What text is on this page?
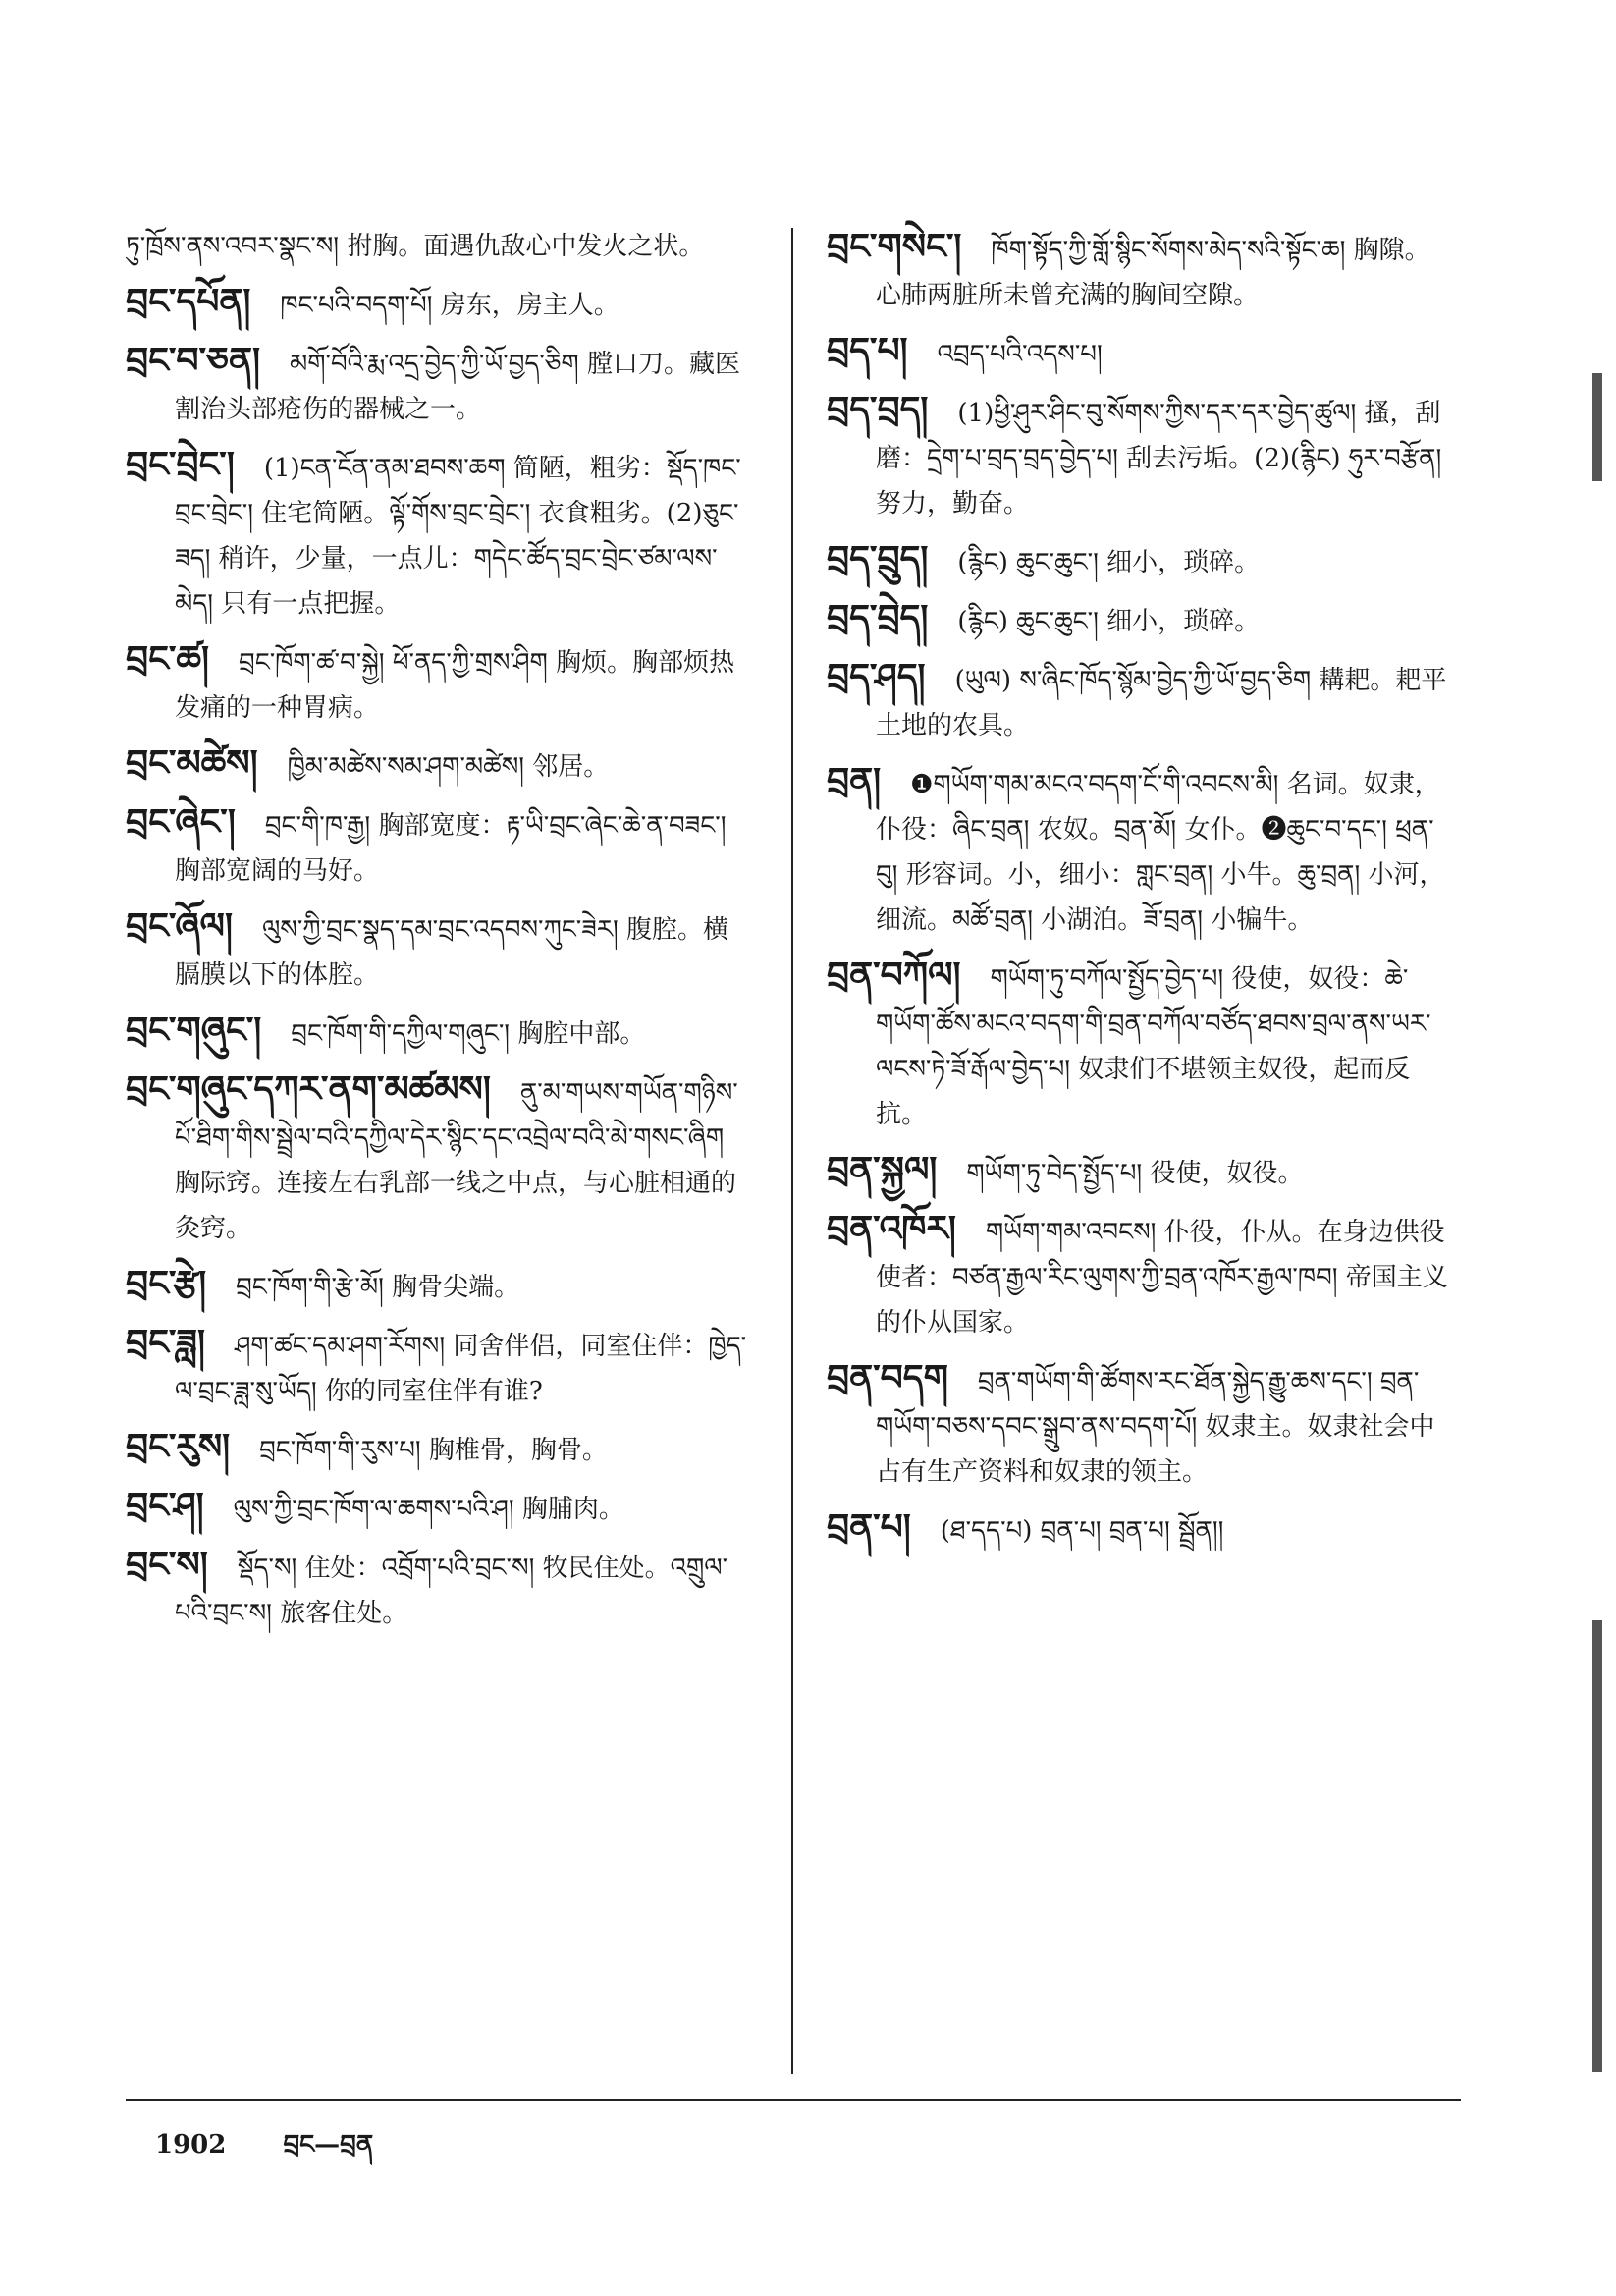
ཏུ་ཁྲོས་ནས་འབར་སྣང་ས། 拊胸。面遇仇敌心中发火之状。
བྲང་དཔོན། ཁང་པའི་བདག་པོ། 房东，房主人。
བྲང་བ་ཅན། མགོ་བོའི་རྨ་འདྲ་བྱེད་ཀྱི་ཡོ་བྱད་ཅིག 膛口刀。藏医割治头部疮伤的器械之一。
བྲང་བྲེང་། (1)ངན་ངོན་ནམ་ཐབས་ཆག 简陋，粗劣：སྡོད་ཁང་བྲང་བྲེང་། 住宅简陋。ལྟོ་གོས་བྲང་བྲེང་། 衣食粗劣。(2)ཅུང་ཟད། 稍许，少量，一点儿：གདེང་ཚོད་བྲང་བྲེང་ཙམ་ལས་མེད། 只有一点把握。
བྲང་ཚ། བྲང་ཁོག་ཚ་བ་སྐྱེ། ཕོ་ནད་ཀྱི་གྲས་ཤིག 胸烦。胸部烦热发痛的一种胃病。
བྲང་མཚེས། ཁྱིམ་མཚེས་སམ་ཤག་མཚེས། 邻居。
བྲང་ཞེང་། བྲང་གི་ཁ་རྒྱ། 胸部宽度：རྟ་ཡི་བྲང་ཞེང་ཆེ་ན་བཟང་། 胸部宽阔的马好。
བྲང་ཞོལ། ལུས་ཀྱི་བྲང་སྣད་དམ་བྲང་འདབས་ཀུང་ཟེར། 腹腔。横膈膜以下的体腔。
བྲང་གཞུང་། བྲང་ཁོག་གི་དཀྱིལ་གཞུང་། 胸腔中部。
བྲང་གཞུང་དཀར་ནག་མཚམས། ནུ་མ་གཡས་གཡོན་གཉིས་པོ་ཐིག་གིས་སྦྲེལ་བའི་དཀྱིལ་དེར་སྙིང་དང་འབྲེལ་བའི་མེ་གསང་ཞིག 胸际窍。连接左右乳部一线之中点，与心脏相通的灸窍。
བྲང་རྩེ། བྲང་ཁོག་གི་རྩེ་མོ། 胸骨尖端。
བྲང་ཟླ། ཤག་ཚང་དམ་ཤག་རོགས། 同舍伴侣，同室住伴：ཁྱེད་ལ་བྲང་ཟླ་སུ་ཡོད། 你的同室住伴有谁?
བྲང་རུས། བྲང་ཁོག་གི་རུས་པ། 胸椎骨，胸骨。
བྲང་ཤ། ལུས་ཀྱི་བྲང་ཁོག་ལ་ཆགས་པའི་ཤ། 胸脯肉。
བྲང་ས། སྡོད་ས། 住处：འབྲོག་པའི་བྲང་ས། 牧民住处。འགྲུལ་པའི་བྲང་ས། 旅客住处。
བྲང་གསེང་། ཁོག་སྟོད་ཀྱི་གློ་སྙིང་སོགས་མེད་སའི་སྟོང་ཆ། 胸隙。心肺两脏所未曾充满的胸间空隙。
བྲད་པ། འབྲད་པའི་འདས་པ།
བྲད་བྲད། (1)ཕྱི་ཤུར་ཤིང་བུ་སོགས་ཀྱིས་དར་དར་བྱེད་ཚུལ། 搔，刮磨：དྲེག་པ་བྲད་བྲད་བྱེད་པ། 刮去污垢。(2)(རྙིང) ཧུར་བརྩོན། 努力，勤奋。
བྲད་བྲུད། (རྙིང) ཆུང་ཆུང་། 细小，琐碎。
བྲད་བྲེད། (རྙིང) ཆུང་ཆུང་། 细小，琐碎。
བྲད་ཤད། (ཡུལ) ས་ཞིང་ཁོད་སྙོམ་བྱེད་ཀྱི་ཡོ་བྱད་ཅིག 耩耙。耙平土地的农具。
བྲན། ❶གཡོག་གམ་མངའ་བདག་ངོ་གི་འབངས་མི། 名词。奴隶，仆役：ཞིང་བྲན། 农奴。བྲན་མོ། 女仆。❷ཆུང་བ་དང་། ཕྲན་བུ། 形容词。小，细小：གླང་བྲན། 小牛。ཆུ་བྲན། 小河，细流。མཚོ་བྲན། 小湖泊。ཟོ་བྲན། 小犏牛。
བྲན་བཀོལ། གཡོག་ཏུ་བཀོལ་སྤྱོད་བྱེད་པ། 役使，奴役：ཆེ་གཡོག་ཚོས་མངའ་བདག་གི་བྲན་བཀོལ་བཙོད་ཐབས་བྲལ་ནས་ཡར་ལངས་ཏེ་ཟོ་རྒོལ་བྱེད་པ། 奴隶们不堪领主奴役，起而反抗。
བྲན་སྐྱལ། གཡོག་ཏུ་བེད་སྤྱོད་པ། 役使，奴役。
བྲན་འཁོར། གཡོག་གམ་འབངས། 仆役，仆从。在身边供役使者：བཙན་རྒྱལ་རིང་ལུགས་ཀྱི་བྲན་འཁོར་རྒྱལ་ཁབ། 帝国主义的仆从国家。
བྲན་བདག བྲན་གཡོག་གི་ཚོགས་རང་ཐོན་སྐྱེད་རྒྱུ་ཆས་དང་། བྲན་གཡོག་བཅས་དབང་སྒྲུབ་ནས་བདག་པོ། 奴隶主。奴隶社会中占有生产资料和奴隶的领主。
བྲན་པ། (ཐ་དད་པ) བྲན་པ། བྲན་པ། སྦྲོན།།
1902 བྲང—བྲན
